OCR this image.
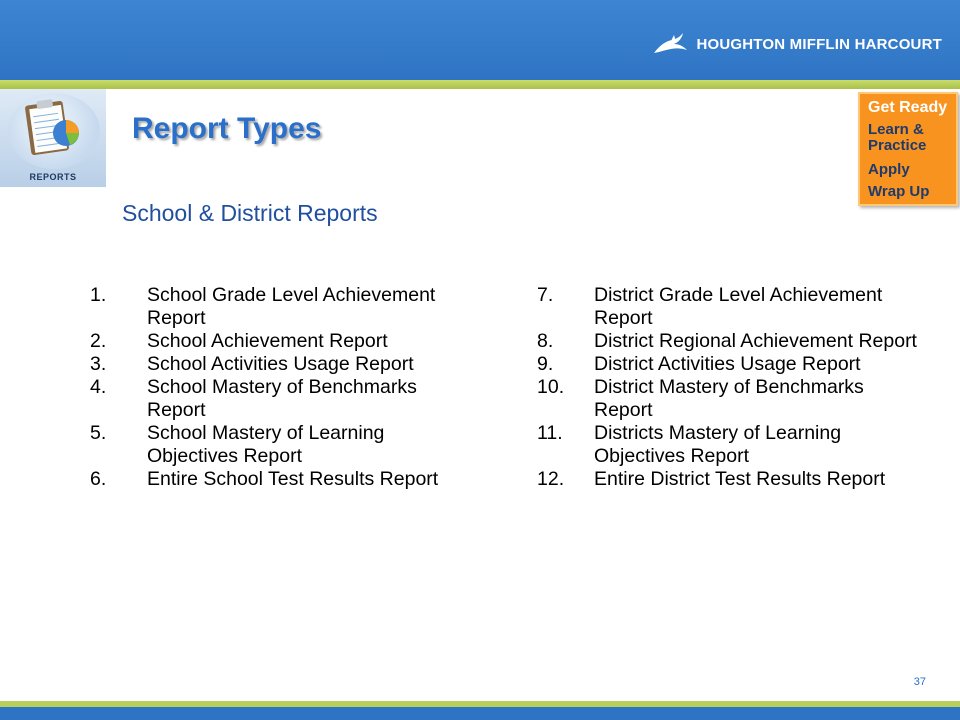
HOUGHTON MIFFLIN HARCOURT
REPORTS
Report Types
School & District Reports
Get Ready
Learn & Practice
Apply
Wrap Up
1. School Grade Level Achievement Report
2. School Achievement Report
3. School Activities Usage Report
4. School Mastery of Benchmarks Report
5. School Mastery of Learning Objectives Report
6. Entire School Test Results Report
7. District Grade Level Achievement Report
8. District Regional Achievement Report
9. District Activities Usage Report
10. District Mastery of Benchmarks Report
11. Districts Mastery of Learning Objectives Report
12. Entire District Test Results Report
37
